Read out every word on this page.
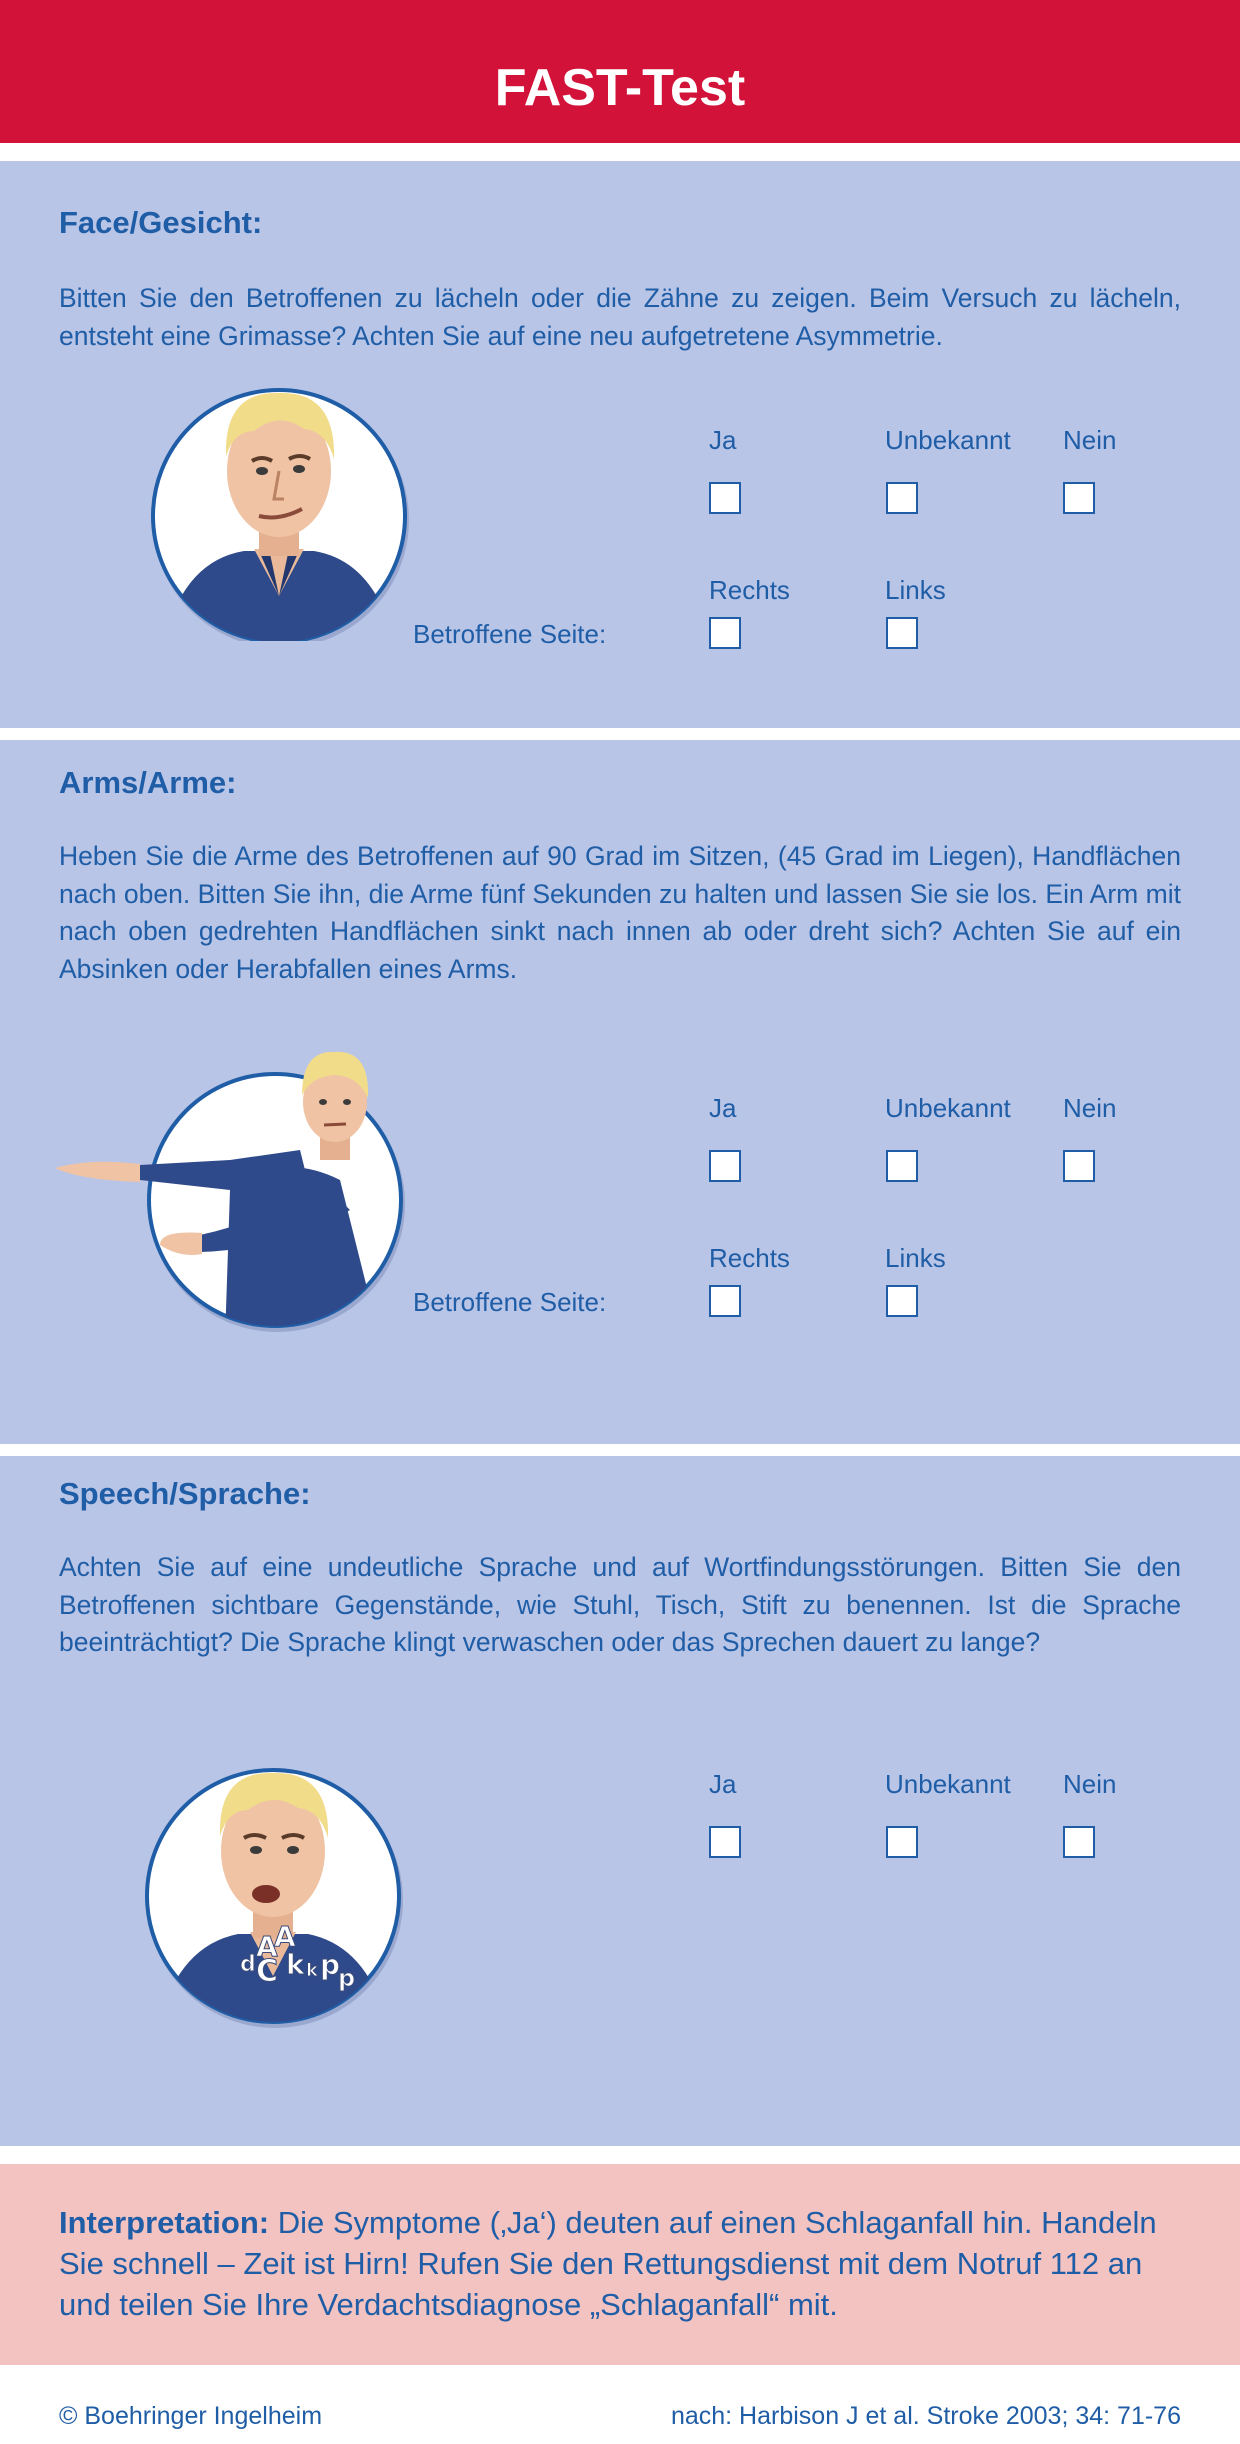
FAST-Test
Face/Gesicht:

Bitten Sie den Betroffenen zu lächeln oder die Zähne zu zeigen. Beim Versuch zu lächeln, entsteht eine Grimasse? Achten Sie auf eine neu aufgetretene Asymmetrie.

Ja	Unbekannt Nein
Rechts	Links
Betroffene Seite:
Arms/Arme:

Heben Sie die Arme des Betroffenen auf 90 Grad im Sitzen, (45 Grad im Liegen), Handflächen nach oben. Bitten Sie ihn, die Arme fünf Sekunden zu halten und lassen Sie sie los. Ein Arm mit nach oben gedrehten Handflächen sinkt nach innen ab oder dreht sich? Achten Sie auf ein Absinken oder Herabfallen eines Arms.

Ja	Unbekannt Nein
Rechts	Links
Betroffene Seite:
Speech/Sprache:

Achten Sie auf eine undeutliche Sprache und auf Wortfindungsstörungen. Bitten Sie den Betroffenen sichtbare Gegenstände, wie Stuhl, Tisch, Stift zu benennen. Ist die Sprache beeinträchtigt? Die Sprache klingt verwaschen oder das Sprechen dauert zu lange?

d C
A
A
k k p
p
Ja	Unbekannt Nein

Interpretation: Die Symptome (‚Ja‘) deuten auf einen Schlaganfall hin. Handeln Sie schnell – Zeit ist Hirn! Rufen Sie den Rettungsdienst mit dem Notruf 112 an und teilen Sie Ihre Verdachtsdiagnose „Schlaganfall“ mit.

© Boehringer Ingelheim	nach: Harbison J et al. Stroke 2003; 34: 71-76
